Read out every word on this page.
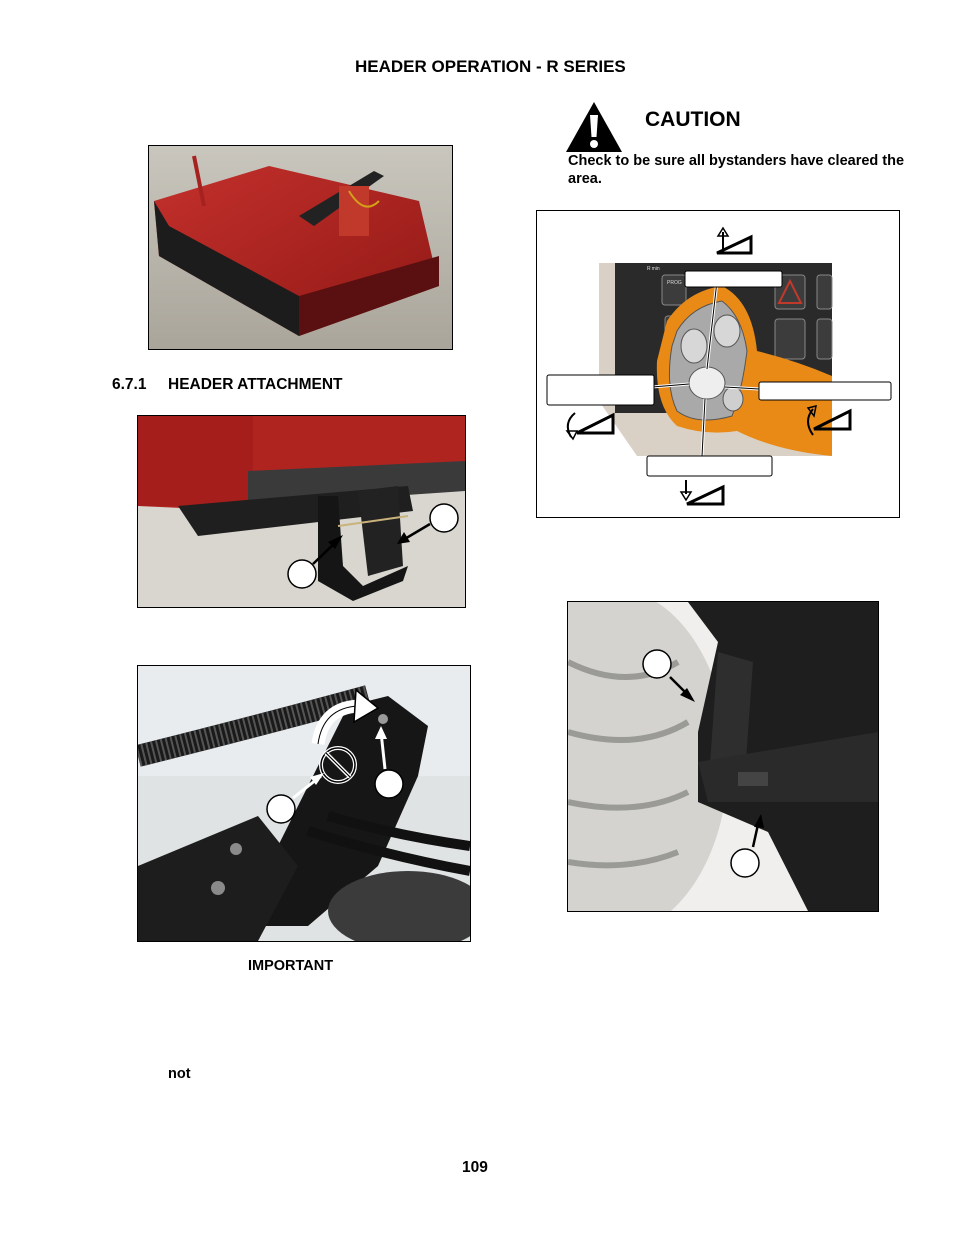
HEADER OPERATION - R SERIES
CAUTION
Check to be sure all bystanders have cleared the area.
6.7.1 HEADER ATTACHMENT
R min
PROG
IMPORTANT
not
109
